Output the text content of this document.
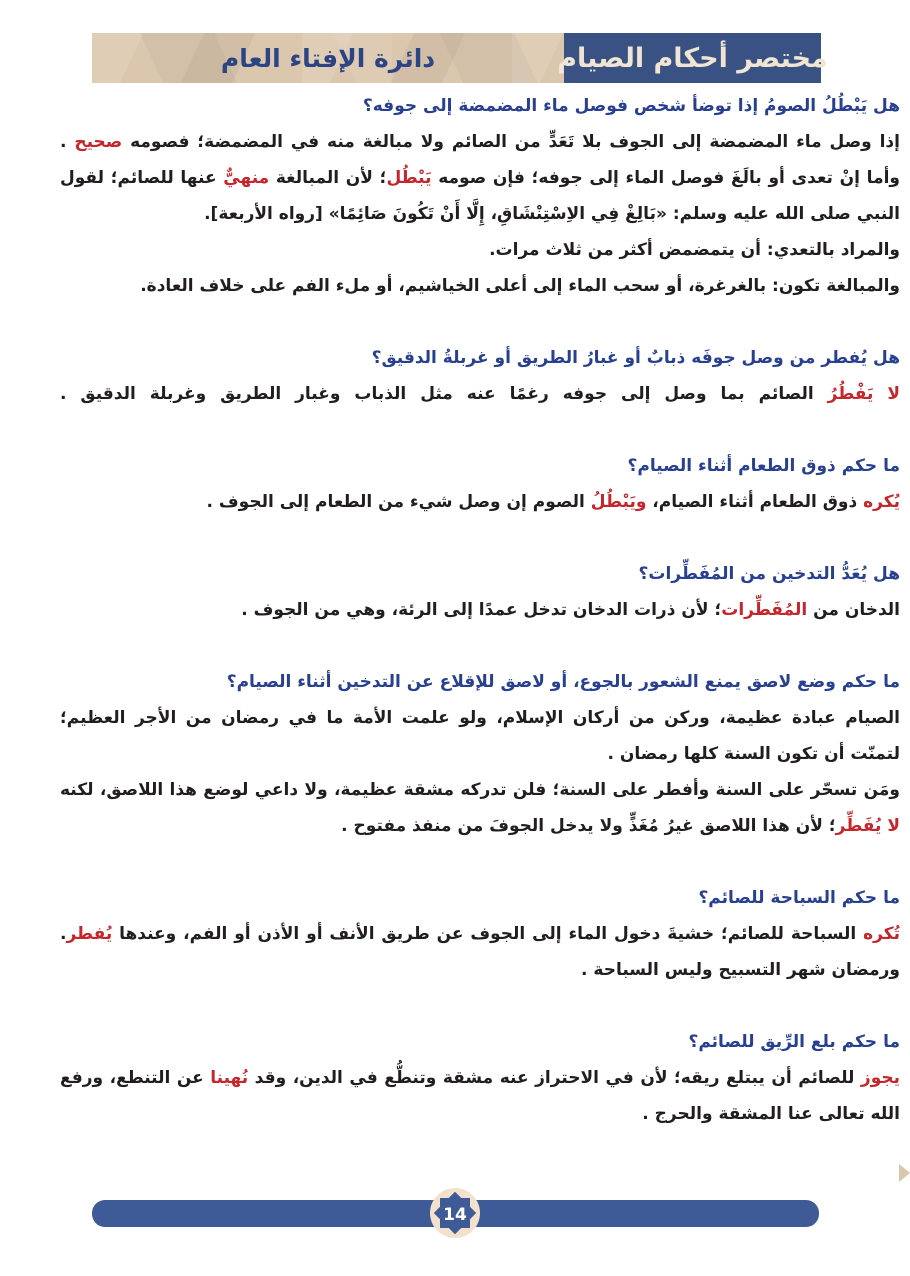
دائرة الإفتاء العام	مختصر أحكام الصيام
هل يَبْطُلُ الصومُ إذا توضأ شخص فوصل ماء المضمضة إلى جوفه؟

إذا وصل ماء المضمضة إلى الجوف بلا تَعَدٍّ من الصائم ولا مبالغة منه في المضمضة؛ فصومه صحيح .

وأما إنْ تعدى أو بالَغَ فوصل الماء إلى جوفه؛ فإن صومه يَبْطُل؛ لأن المبالغة منهيٌّ عنها للصائم؛ لقول النبي صلى الله عليه وسلم: «بَالِغْ فِي الاِسْتِنْشَاقِ، إِلَّا أَنْ تَكُونَ صَائِمًا» [رواه الأربعة].

والمراد بالتعدي: أن يتمضمض أكثر من ثلاث مرات.

والمبالغة تكون: بالغرغرة، أو سحب الماء إلى أعلى الخياشيم، أو ملء الفم على خلاف العادة.

هل يُفطر من وصل جوفَه ذبابٌ أو غبارُ الطريق أو غربلةُ الدقيق؟

لا يَفْطُرُ الصائم بما وصل إلى جوفه رغمًا عنه مثل الذباب وغبار الطريق وغربلة الدقيق .

ما حكم ذوق الطعام أثناء الصيام؟

يُكره ذوق الطعام أثناء الصيام، ويَبْطُلُ الصوم إن وصل شيء من الطعام إلى الجوف .

هل يُعَدُّ التدخين من المُفَطِّرات؟

الدخان من المُفَطِّرات؛ لأن ذرات الدخان تدخل عمدًا إلى الرئة، وهي من الجوف .

ما حكم وضع لاصق يمنع الشعور بالجوع، أو لاصق للإقلاع عن التدخين أثناء الصيام؟

الصيام عبادة عظيمة، وركن من أركان الإسلام، ولو علمت الأمة ما في رمضان من الأجر العظيم؛ لتمنّت أن تكون السنة كلها رمضان .

ومَن تسحّر على السنة وأفطر على السنة؛ فلن تدركه مشقة عظيمة، ولا داعي لوضع هذا اللاصق، لكنه لا يُفَطِّر؛ لأن هذا اللاصق غيرُ مُغَذٍّ ولا يدخل الجوفَ من منفذ مفتوح .

ما حكم السباحة للصائم؟

تُكره السباحة للصائم؛ خشيةَ دخول الماء إلى الجوف عن طريق الأنف أو الأذن أو الفم، وعندها يُفطر.

ورمضان شهر التسبيح وليس السباحة .

ما حكم بلع الرِّيق للصائم؟

يجوز للصائم أن يبتلع ريقه؛ لأن في الاحتراز عنه مشقة وتنطُّع في الدين، وقد نُهينا عن التنطع، ورفع الله تعالى عنا المشقة والحرج .

14
